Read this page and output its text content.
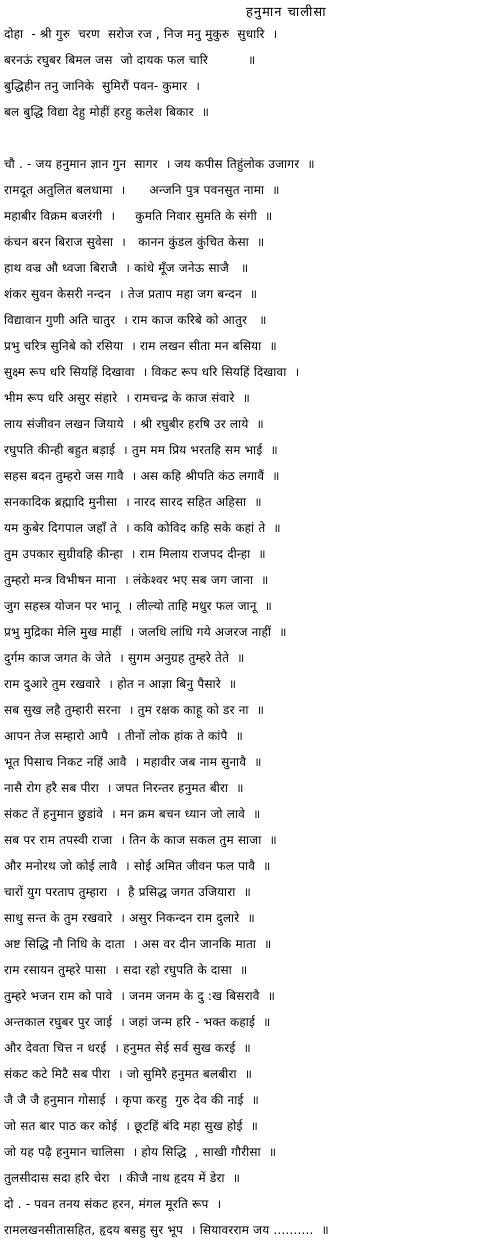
हनुमान चालीसा
दोहा  - श्री गुरु  चरण  सरोज रज , निज मनु मुकुरु  सुधारि  ।
बरनऊं रघुबर बिमल जस  जो दायक फल चारि          ॥
बुद्धिहीन तनु जानिके  सुमिरौं पवन- कुमार  ।
बल बुद्धि विद्या देहु मोहीं हरहु कलेश बिकार  ॥
चौ . - जय हनुमान ज्ञान गुन  सागर  । जय कपीस तिहुंलोक उजागर  ॥
रामदूत अतुलित बलधामा  ।      अन्जनि पुत्र पवनसुत नामा  ॥
महाबीर विक्रम बजरंगी  ।     कुमति निवार सुमति के संगी  ॥
कंचन बरन बिराज सुवेसा  ।   कानन कुंडल कुंचित केसा  ॥
हाथ वज्र औ ध्वजा बिराजै  । कांधे मूँज जनेऊ साजै   ॥
शंकर सुवन केसरी नन्दन  । तेज प्रताप महा जग बन्दन  ॥
विद्यावान गुणी अति चातुर  । राम काज करिबे को आतुर   ॥
प्रभु चरित्र सुनिबे को रसिया  । राम लखन सीता मन बसिया  ॥
सुक्ष्म रूप धरि सियहिं दिखावा  । विकट रूप धरि सियहिं दिखावा  ।
भीम रूप धरि असुर संहारे  । रामचन्द्र के काज संवारे  ॥
लाय संजीवन लखन जियाये  । श्री रघुबीर हरषि उर लाये  ॥
रघुपति कीन्ही बहुत बड़ाई  । तुम मम प्रिय भरतहि सम भाई  ॥
सहस बदन तुम्हरो जस गावै  । अस कहि श्रीपति कंठ लगावैं  ॥
सनकादिक ब्रह्मादि मुनीसा  । नारद सारद सहित अहिसा  ॥
यम कुबेर दिगपाल जहाँ ते  । कवि कोविद कहि सके कहां ते  ॥
तुम उपकार सुग्रीवहि कीन्हा  । राम मिलाय राजपद दीन्हा  ॥
तुम्हरो मन्त्र विभीषन माना  । लंकेश्वर भए सब जग जाना  ॥
जुग सहस्त्र योजन पर भानू  । लील्यो ताहि मधुर फल जानू  ॥
प्रभु मुद्रिका मेलि मुख माहीं  । जलधि लांधि गये अजरज नाहीं  ॥
दुर्गम काज जगत के जेते  । सुगम अनुग्रह तुम्हरे तेते  ॥
राम दुआरे तुम रखवारे  । होत न आज्ञा बिनु पैसारे  ॥
सब सुख लहै तुम्हारी सरना  । तुम रक्षक काहू को डर ना  ॥
आपन तेज सम्हारो आपै  । तीनों लोक हांक ते कांपै  ॥
भूत पिसाच निकट नहिं आवै  । महावीर जब नाम सुनावै  ॥
नासै रोग हरै सब पीरा  । जपत निरन्तर हनुमत बीरा  ॥
संकट तें हनुमान छुडांवे  । मन क्रम बचन ध्यान जो लावे  ॥
सब पर राम तपस्वी राजा  । तिन के काज सकल तुम साजा  ॥
और मनोरथ जो कोई लावै  । सोई अमित जीवन फल पावै  ॥
चारों युग परताप तुम्हारा  ।  है प्रसिद्ध जगत उजियारा  ॥
साधु सन्त के तुम रखवारे  । असुर निकन्दन राम दुलारे  ॥
अष्ट सिद्धि नौ निधि के दाता  । अस वर दीन जानकि माता  ॥
राम रसायन तुम्हरे पासा  । सदा रहो रघुपति के दासा  ॥
तुम्हरे भजन राम को पावे  । जनम जनम के दु :ख बिसरावै  ॥
अन्तकाल रघुबर पुर जाई  । जहां जन्म हरि - भक्त कहाई  ॥
और देवता चित्त न धरई  । हनुमत सेई सर्व सुख करई  ॥
संकट कटे मिटै सब पीरा  । जो सुमिरै हनुमत बलबीरा  ॥
जै जै जै हनुमान गोसाई  । कृपा करहु  गुरु देव की नाई  ॥
जो सत बार पाठ कर कोई  । छूटहिं बंदि महा सुख होई  ॥
जो यह पढ़ै हनुमान चालिसा  । होय सिद्धि  , साखी गौरीसा  ॥
तुलसीदास सदा हरि चेरा  । कीजै नाथ हृदय में डेरा  ॥
दो . - पवन तनय संकट हरन, मंगल मूरति रूप  ।
रामलखनसीतासहित, हृदय बसहु सुर भूप  । सियावरराम जय ..........  ॥
